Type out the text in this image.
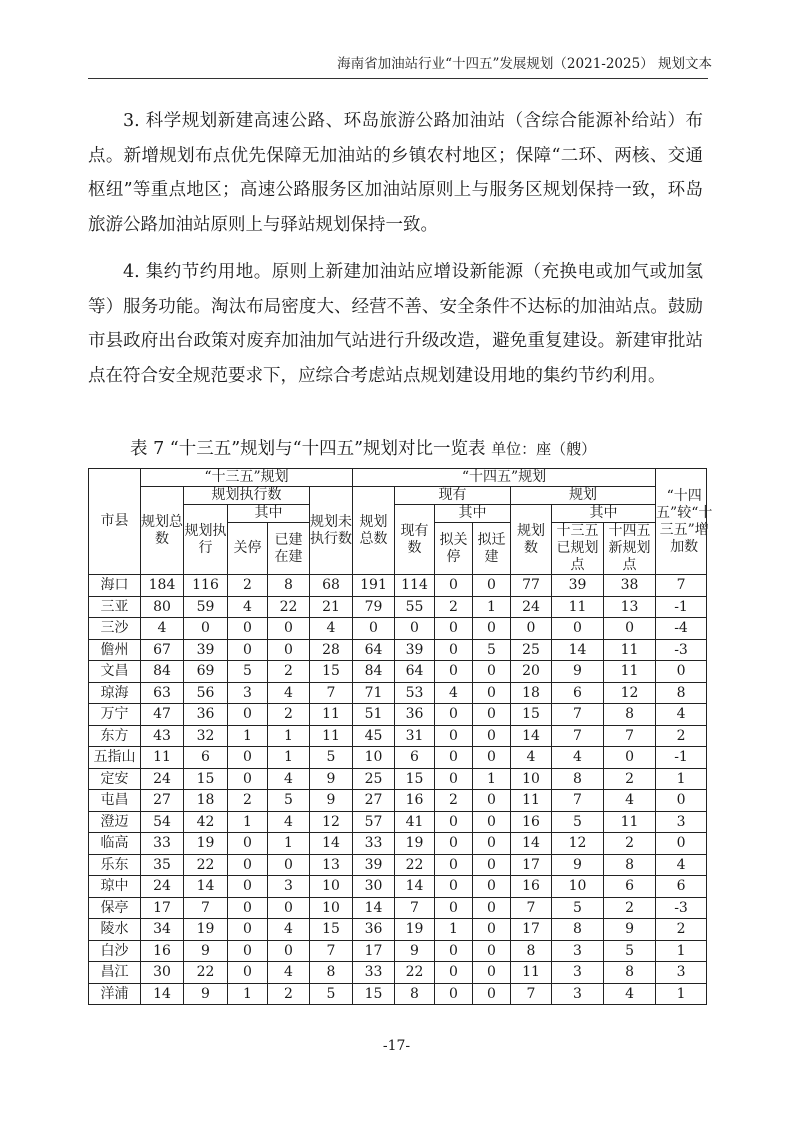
海南省加油站行业“十四五”发展规划（2021-2025） 规划文本

3. 科学规划新建高速公路、环岛旅游公路加油站（含综合能源补给站）布点。新增规划布点优先保障无加油站的乡镇农村地区；保障“二环、两核、交通枢纽”等重点地区；高速公路服务区加油站原则上与服务区规划保持一致，环岛旅游公路加油站原则上与驿站规划保持一致。

4. 集约节约用地。原则上新建加油站应增设新能源（充换电或加气或加氢等）服务功能。淘汰布局密度大、经营不善、安全条件不达标的加油站点。鼓励市县政府出台政策对废弃加油加气站进行升级改造，避免重复建设。新建审批站点在符合安全规范要求下，应综合考虑站点规划建设用地的集约节约利用。

表 7 “十三五”规划与“十四五”规划对比一览表 单位：座（艘）
市县	“十三五”规划					“十四五”规划							“十四五”较“十三五”增加数
	规划总数	规划执行数			规划未执行数	规划总数	现有			规划			
		规划执行	其中				现有数	其中		规划数	其中		
			关停	已建在建				拟关停	拟迁建		十三五已规划点	十四五新规划点	
海口	184	116	2	8	68	191	114	0	0	77	39	38	7
三亚	80	59	4	22	21	79	55	2	1	24	11	13	-1
三沙	4	0	0	0	4	0	0	0	0	0	0	0	-4
儋州	67	39	0	0	28	64	39	0	5	25	14	11	-3
文昌	84	69	5	2	15	84	64	0	0	20	9	11	0
琼海	63	56	3	4	7	71	53	4	0	18	6	12	8
万宁	47	36	0	2	11	51	36	0	0	15	7	8	4
东方	43	32	1	1	11	45	31	0	0	14	7	7	2
五指山	11	6	0	1	5	10	6	0	0	4	4	0	-1
定安	24	15	0	4	9	25	15	0	1	10	8	2	1
屯昌	27	18	2	5	9	27	16	2	0	11	7	4	0
澄迈	54	42	1	4	12	57	41	0	0	16	5	11	3
临高	33	19	0	1	14	33	19	0	0	14	12	2	0
乐东	35	22	0	0	13	39	22	0	0	17	9	8	4
琼中	24	14	0	3	10	30	14	0	0	16	10	6	6
保亭	17	7	0	0	10	14	7	0	0	7	5	2	-3
陵水	34	19	0	4	15	36	19	1	0	17	8	9	2
白沙	16	9	0	0	7	17	9	0	0	8	3	5	1
昌江	30	22	0	4	8	33	22	0	0	11	3	8	3
洋浦	14	9	1	2	5	15	8	0	0	7	3	4	1
-17-
